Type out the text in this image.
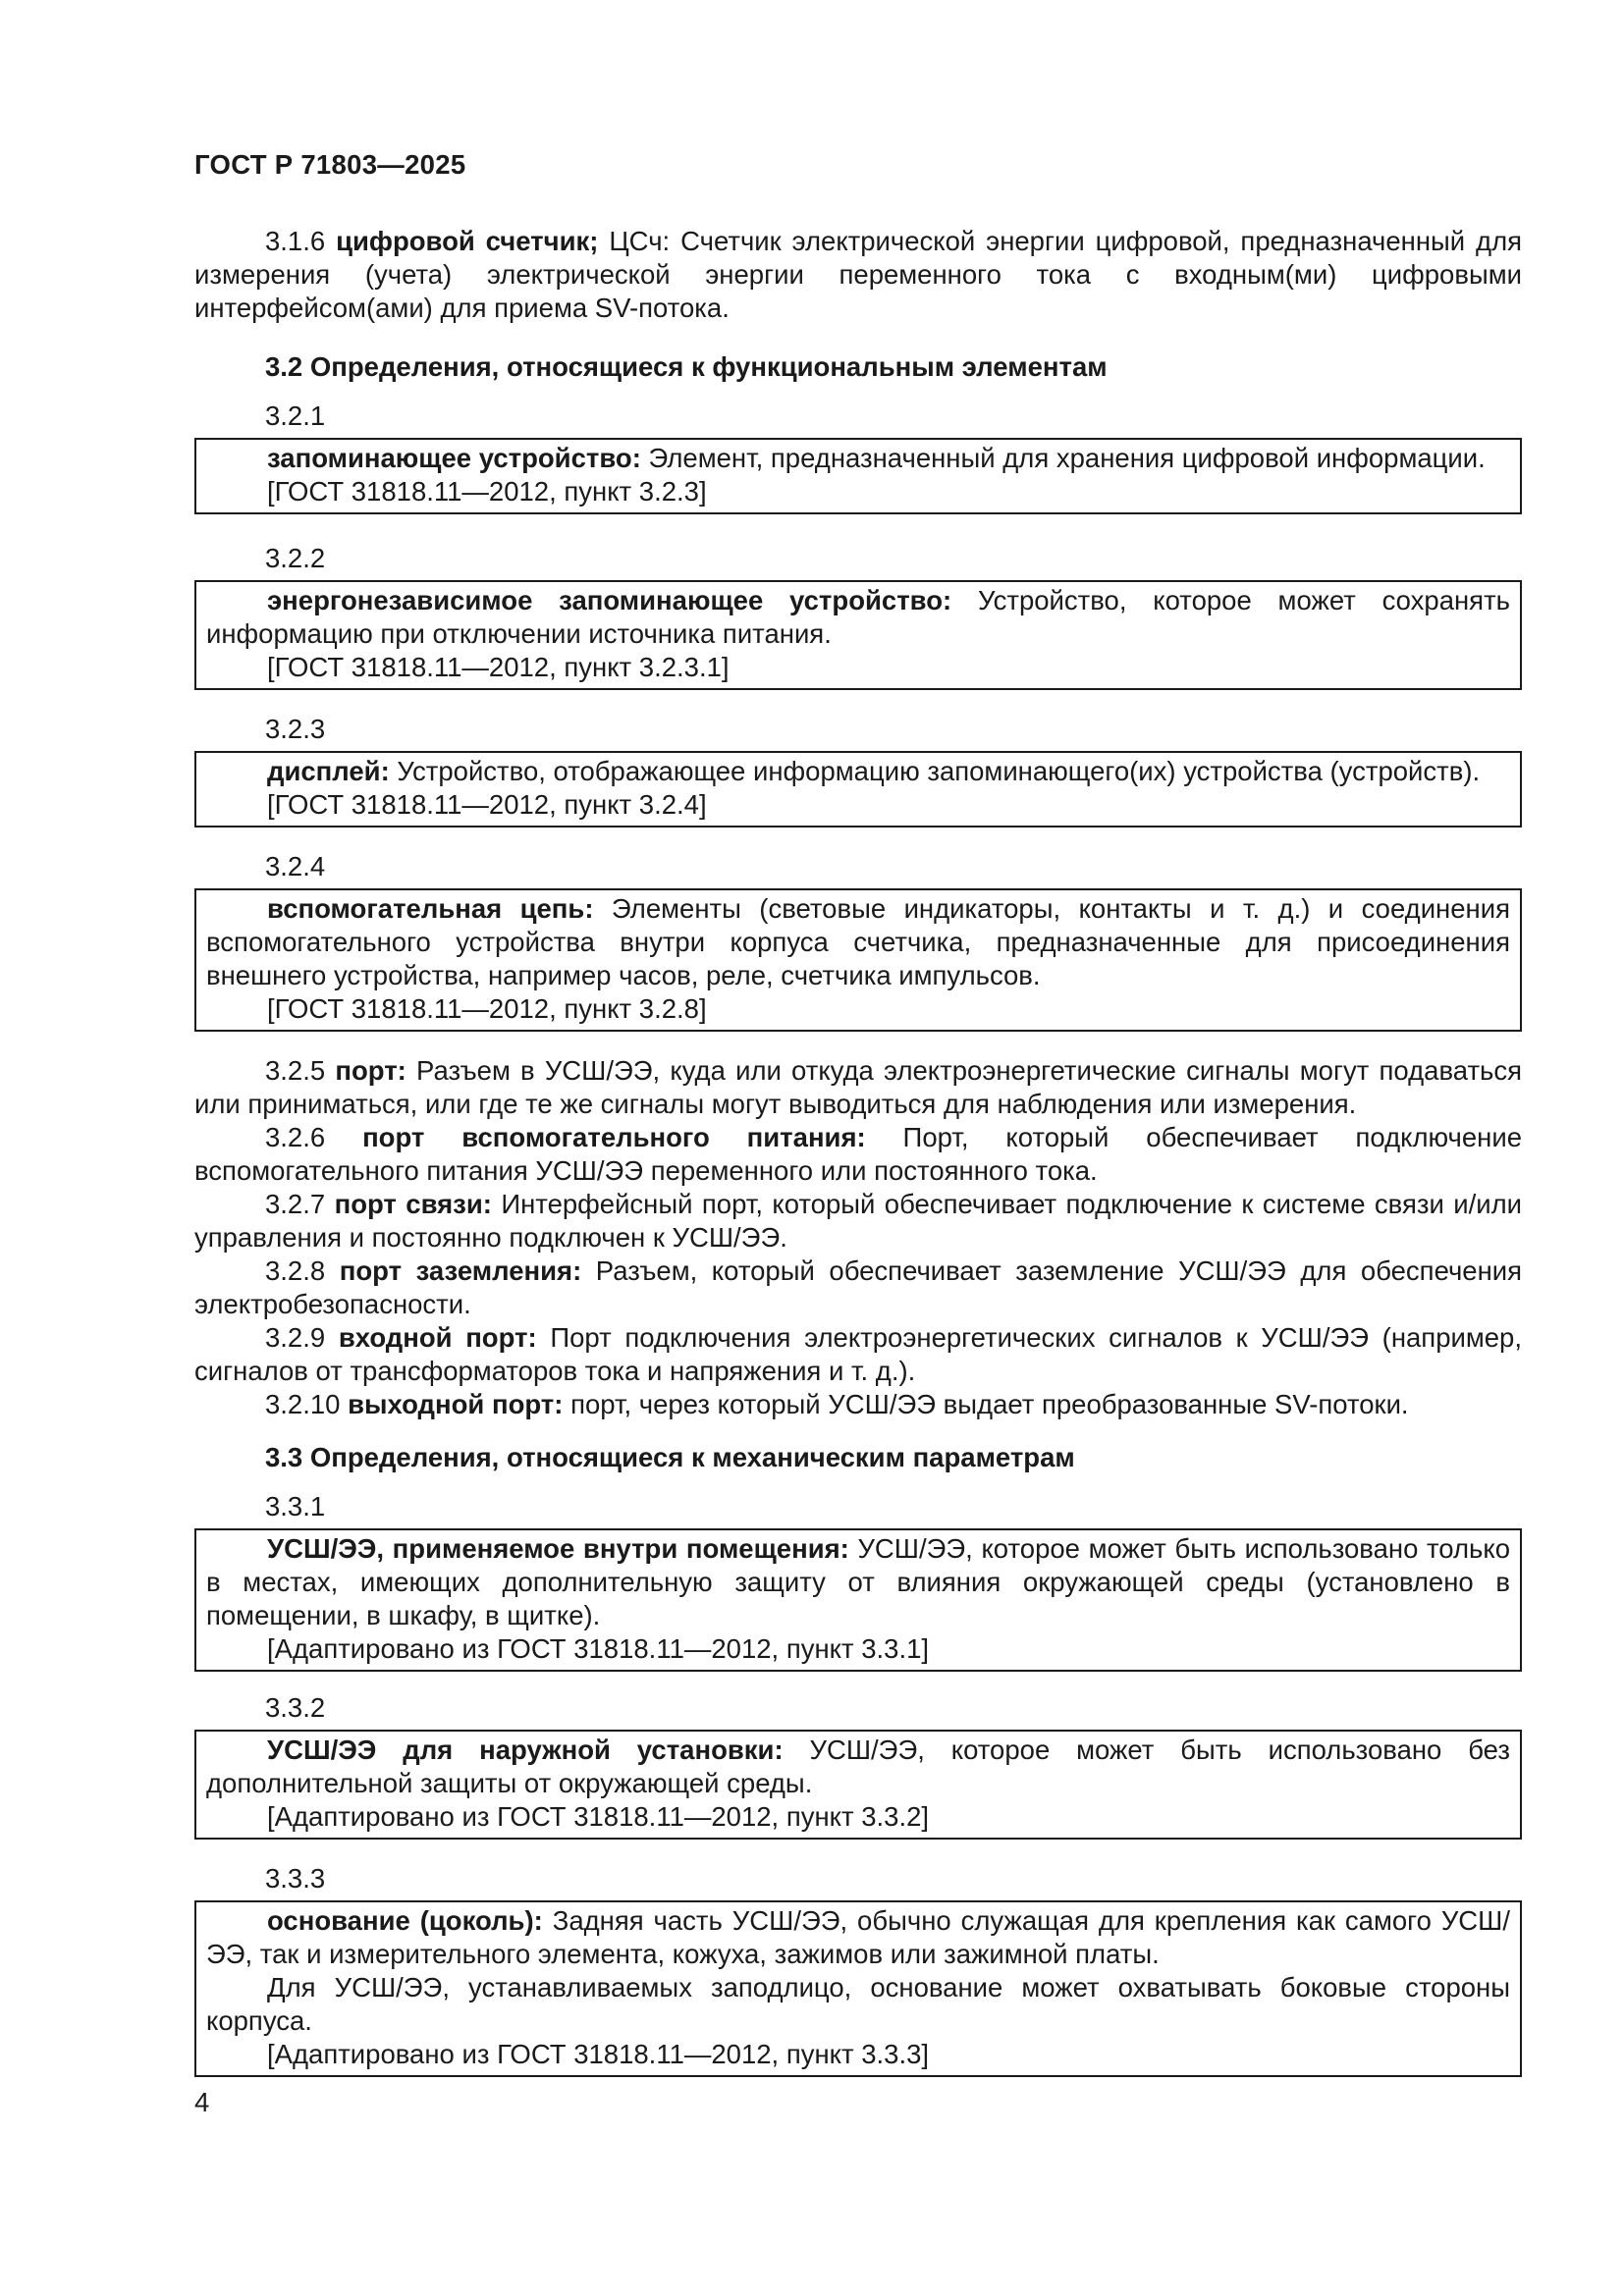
ГОСТ Р 71803—2025

3.1.6 цифровой счетчик; ЦСч: Счетчик электрической энергии цифровой, предназначенный для измерения (учета) электрической энергии переменного тока с входным(ми) цифровыми интерфейсом(ами) для приема SV-потока.

3.2 Определения, относящиеся к функциональным элементам
3.2.1

запоминающее устройство: Элемент, предназначенный для хранения цифровой информации.

[ГОСТ 31818.11—2012, пункт 3.2.3]

3.2.2

энергонезависимое запоминающее устройство: Устройство, которое может сохранять информацию при отключении источника питания.

[ГОСТ 31818.11—2012, пункт 3.2.3.1]

3.2.3

дисплей: Устройство, отображающее информацию запоминающего(их) устройства (устройств).

[ГОСТ 31818.11—2012, пункт 3.2.4]

3.2.4

вспомогательная цепь: Элементы (световые индикаторы, контакты и т. д.) и соединения вспомогательного устройства внутри корпуса счетчика, предназначенные для присоединения внешнего устройства, например часов, реле, счетчика импульсов.

[ГОСТ 31818.11—2012, пункт 3.2.8]

3.2.5 порт: Разъем в УСШ/ЭЭ, куда или откуда электроэнергетические сигналы могут подаваться или приниматься, или где те же сигналы могут выводиться для наблюдения или измерения.

3.2.6 порт вспомогательного питания: Порт, который обеспечивает подключение вспомогательного питания УСШ/ЭЭ переменного или постоянного тока.

3.2.7 порт связи: Интерфейсный порт, который обеспечивает подключение к системе связи и/или управления и постоянно подключен к УСШ/ЭЭ.

3.2.8 порт заземления: Разъем, который обеспечивает заземление УСШ/ЭЭ для обеспечения электробезопасности.

3.2.9 входной порт: Порт подключения электроэнергетических сигналов к УСШ/ЭЭ (например, сигналов от трансформаторов тока и напряжения и т. д.).

3.2.10 выходной порт: порт, через который УСШ/ЭЭ выдает преобразованные SV-потоки.

3.3 Определения, относящиеся к механическим параметрам
3.3.1

УСШ/ЭЭ, применяемое внутри помещения: УСШ/ЭЭ, которое может быть использовано только в местах, имеющих дополнительную защиту от влияния окружающей среды (установлено в помещении, в шкафу, в щитке).

[Адаптировано из ГОСТ 31818.11—2012, пункт 3.3.1]

3.3.2

УСШ/ЭЭ для наружной установки: УСШ/ЭЭ, которое может быть использовано без дополнительной защиты от окружающей среды.

[Адаптировано из ГОСТ 31818.11—2012, пункт 3.3.2]

3.3.3

основание (цоколь): Задняя часть УСШ/ЭЭ, обычно служащая для крепления как самого УСШ/ЭЭ, так и измерительного элемента, кожуха, зажимов или зажимной платы.

Для УСШ/ЭЭ, устанавливаемых заподлицо, основание может охватывать боковые стороны корпуса.

[Адаптировано из ГОСТ 31818.11—2012, пункт 3.3.3]

4
